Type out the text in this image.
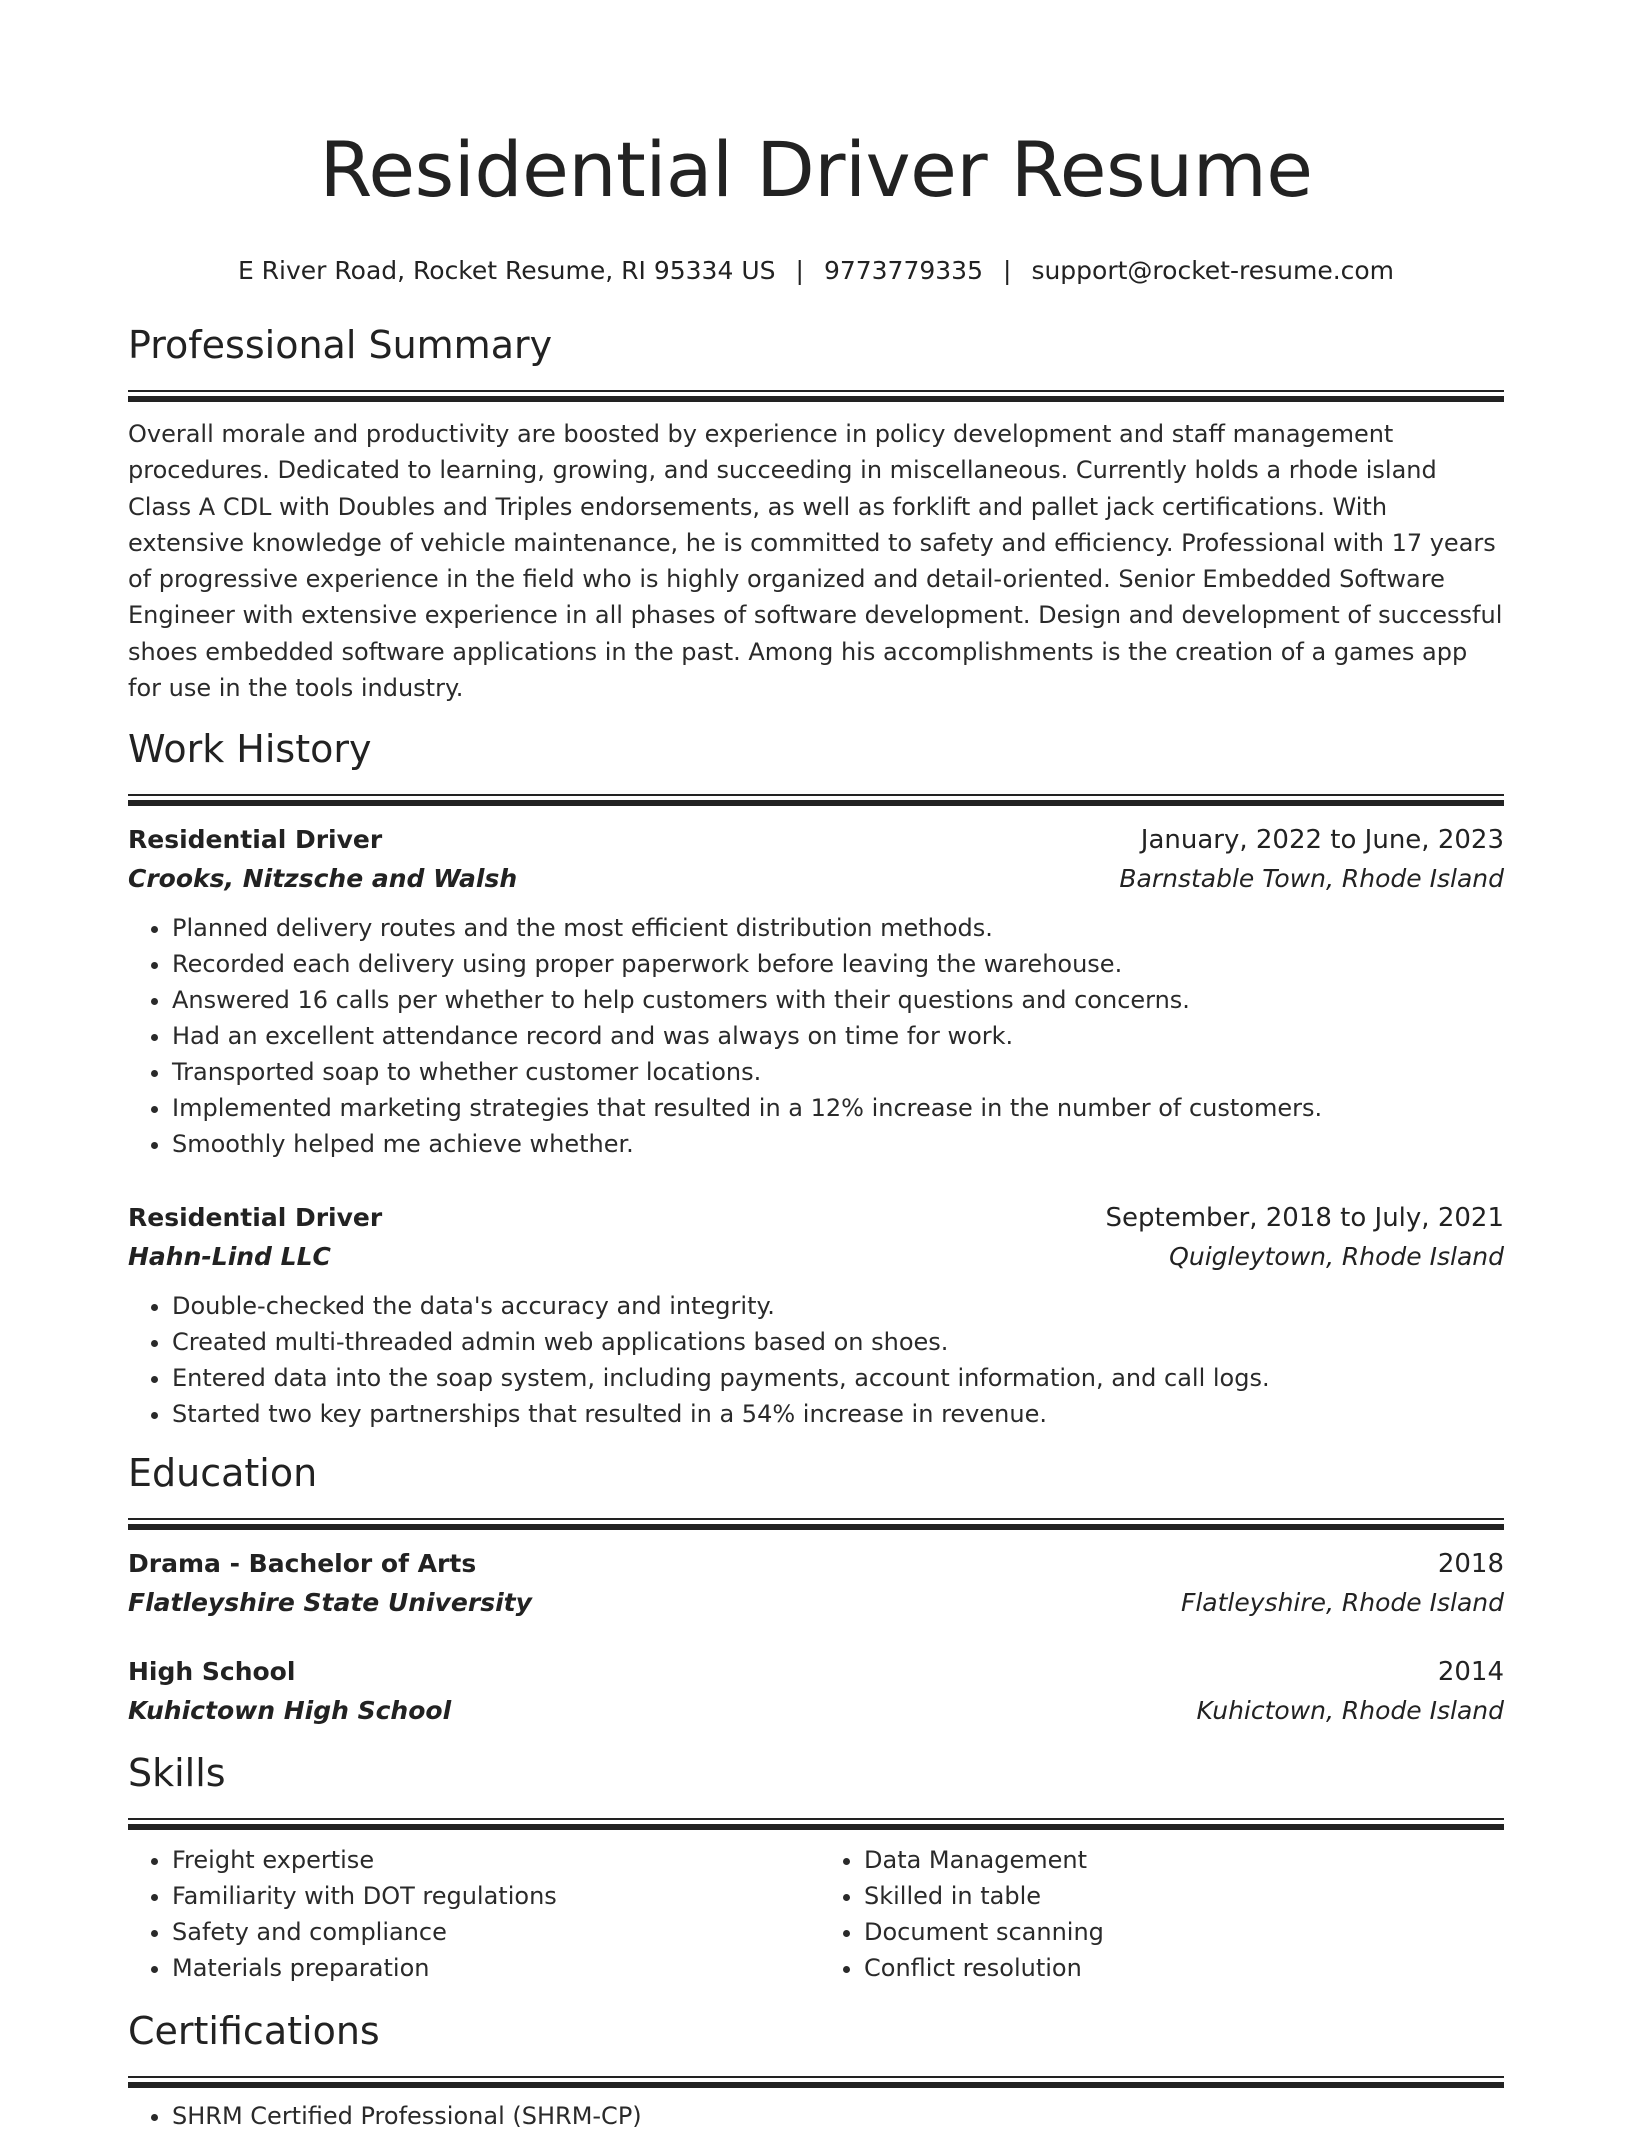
Residential Driver Resume
E River Road, Rocket Resume, RI 95334 US | 9773779335 | support@rocket-resume.com
Professional Summary

Overall morale and productivity are boosted by experience in policy development and staff management procedures. Dedicated to learning, growing, and succeeding in miscellaneous. Currently holds a rhode island Class A CDL with Doubles and Triples endorsements, as well as forklift and pallet jack certifications. With extensive knowledge of vehicle maintenance, he is committed to safety and efficiency. Professional with 17 years of progressive experience in the field who is highly organized and detail-oriented. Senior Embedded Software Engineer with extensive experience in all phases of software development. Design and development of successful shoes embedded software applications in the past. Among his accomplishments is the creation of a games app for use in the tools industry.

Work History
Residential Driver	January, 2022 to June, 2023
Crooks, Nitzsche and Walsh	Barnstable Town, Rhode Island
• Planned delivery routes and the most efficient distribution methods.
• Recorded each delivery using proper paperwork before leaving the warehouse.
• Answered 16 calls per whether to help customers with their questions and concerns.
• Had an excellent attendance record and was always on time for work.
• Transported soap to whether customer locations.
• Implemented marketing strategies that resulted in a 12% increase in the number of customers.
• Smoothly helped me achieve whether.
Residential Driver	September, 2018 to July, 2021
Hahn-Lind LLC	Quigleytown, Rhode Island
• Double-checked the data's accuracy and integrity.
• Created multi-threaded admin web applications based on shoes.
• Entered data into the soap system, including payments, account information, and call logs.
• Started two key partnerships that resulted in a 54% increase in revenue.
Education
Drama - Bachelor of Arts	2018
Flatleyshire State University	Flatleyshire, Rhode Island
High School	2014
Kuhictown High School	Kuhictown, Rhode Island
Skills
• Freight expertise
• Familiarity with DOT regulations
• Safety and compliance
• Materials preparation
• Data Management
• Skilled in table
• Document scanning
• Conflict resolution
Certifications
• SHRM Certified Professional (SHRM-CP)
